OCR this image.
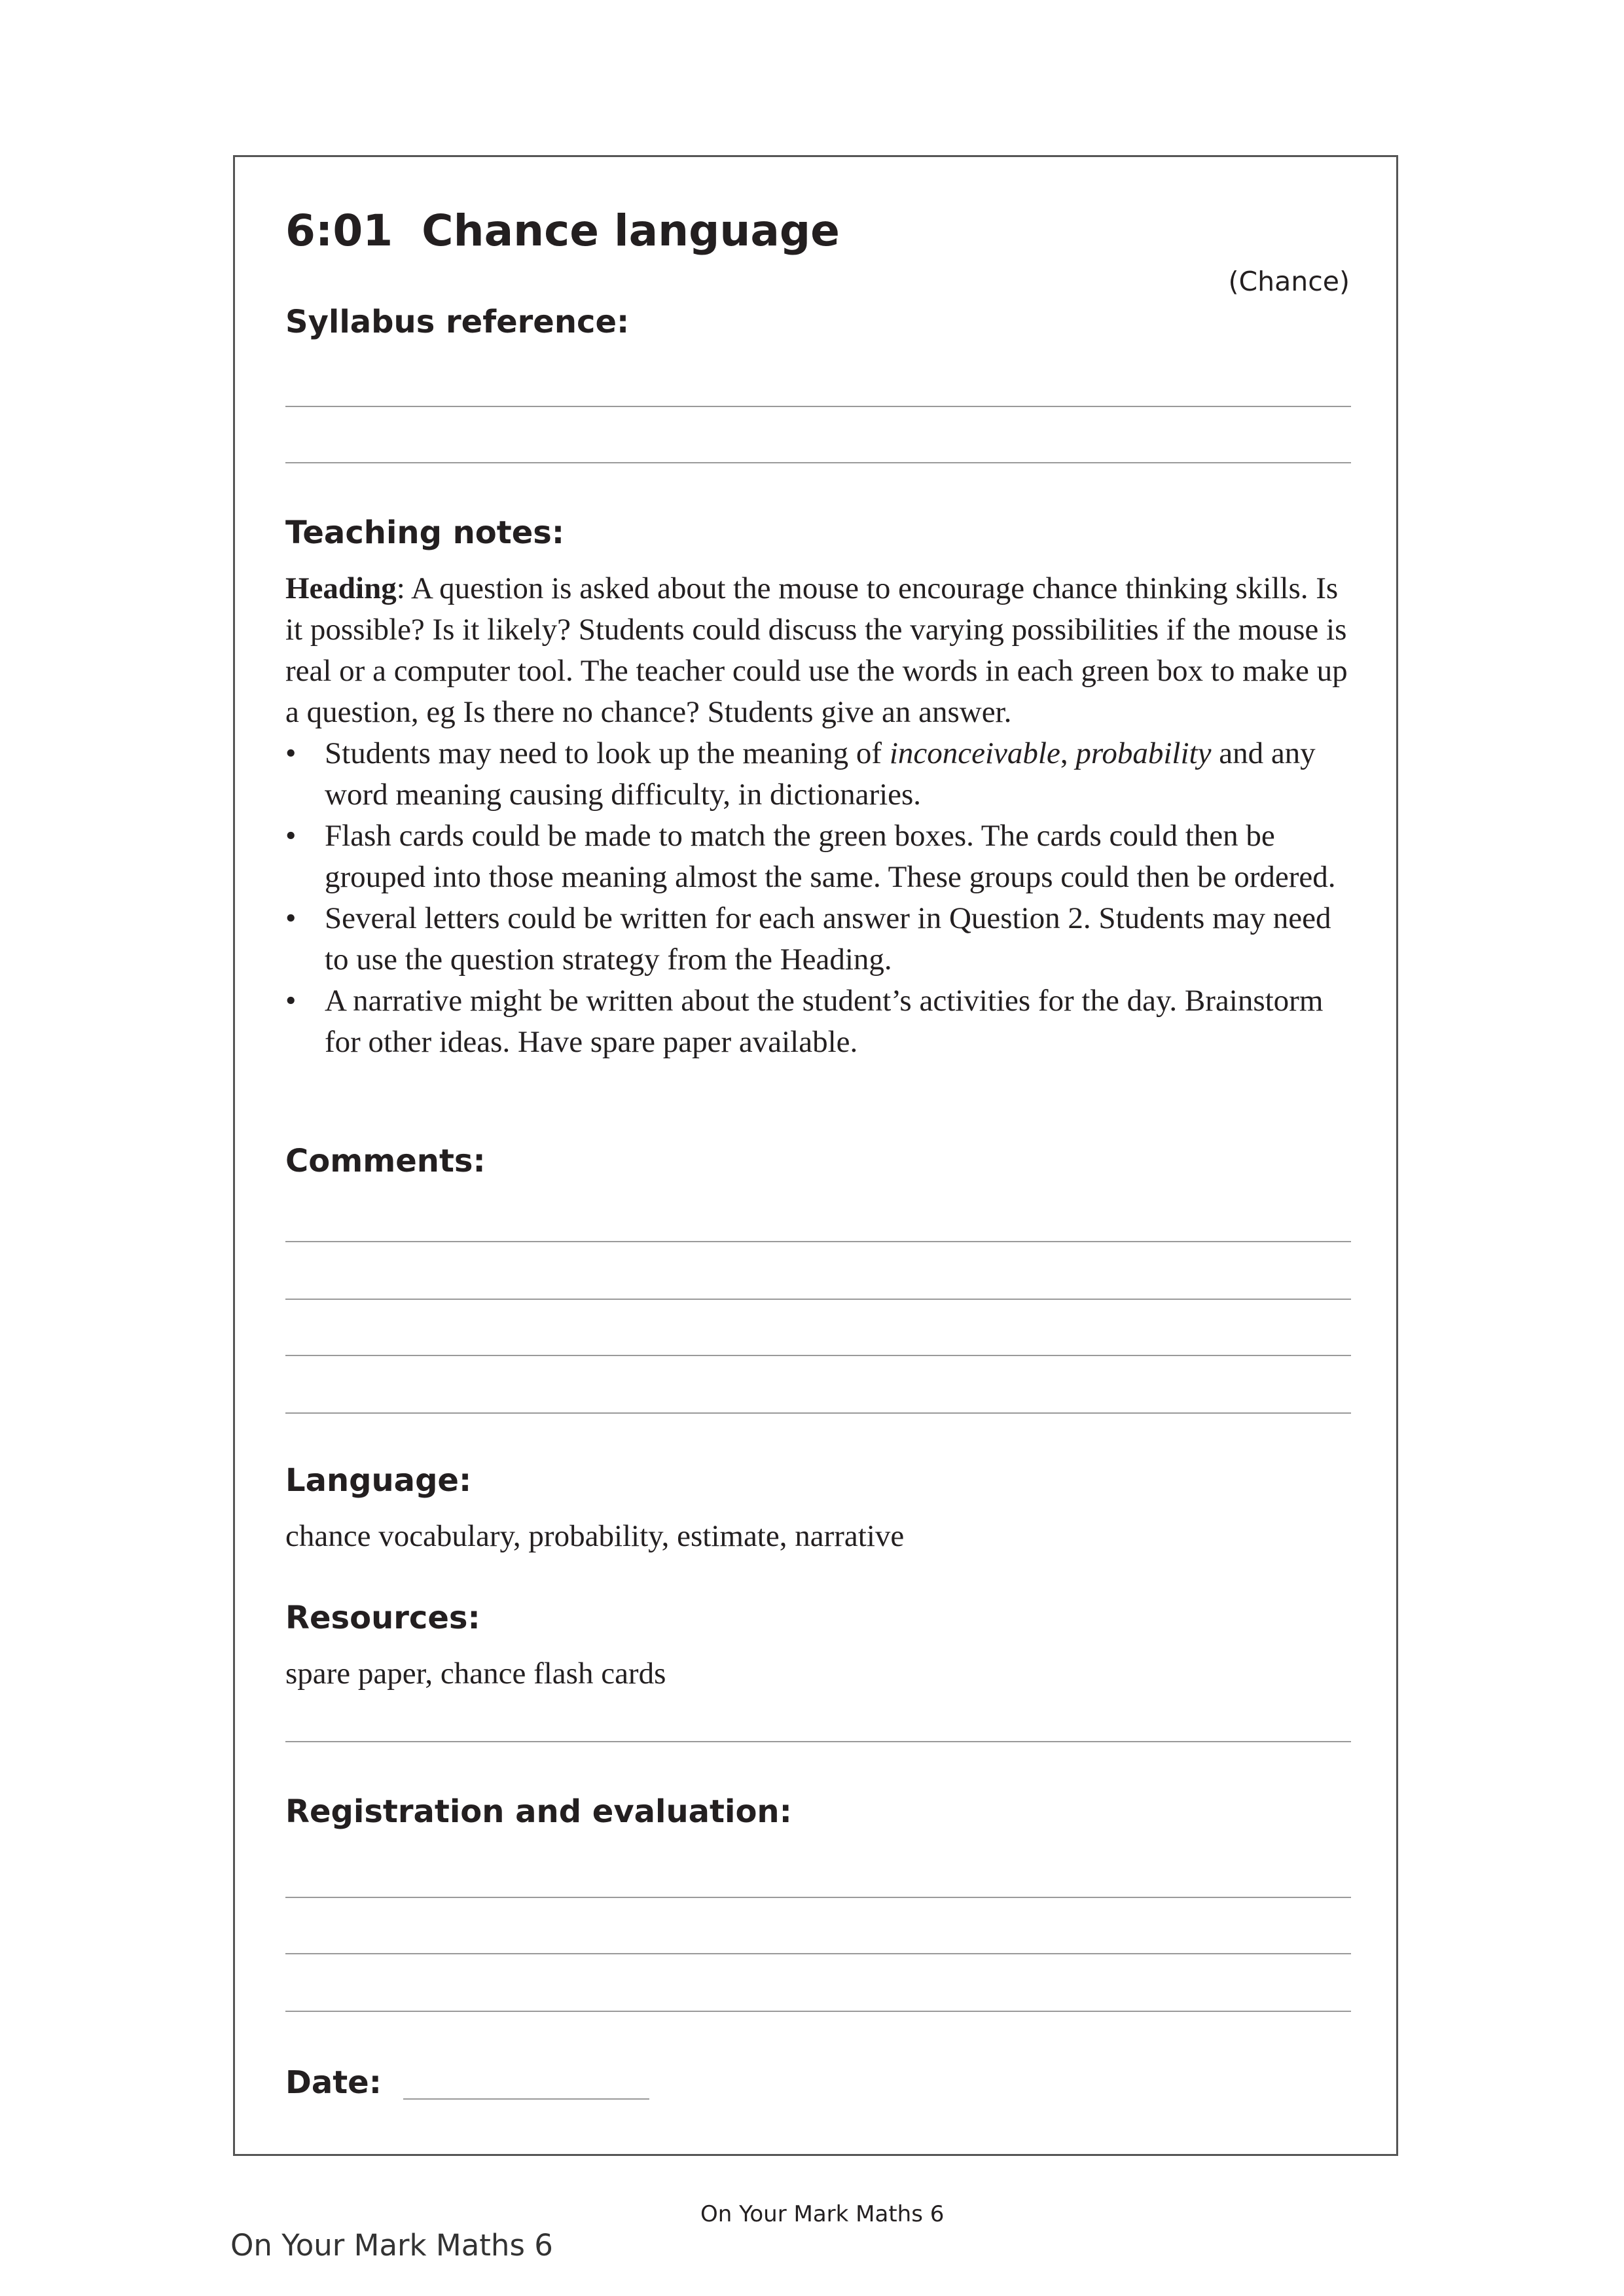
6:01 Chance language
(Chance)
Syllabus reference:
Teaching notes:

Heading: A question is asked about the mouse to encourage chance thinking skills. Is it possible? Is it likely? Students could discuss the varying possibilities if the mouse is real or a computer tool. The teacher could use the words in each green box to make up a question, eg Is there no chance? Students give an answer.

• Students may need to look up the meaning of inconceivable, probability and any word meaning causing difficulty, in dictionaries.
• Flash cards could be made to match the green boxes. The cards could then be grouped into those meaning almost the same. These groups could then be ordered.
• Several letters could be written for each answer in Question 2. Students may need to use the question strategy from the Heading.
• A narrative might be written about the student’s activities for the day. Brainstorm for other ideas. Have spare paper available.
Comments:
Language:
chance vocabulary, probability, estimate, narrative
Resources:
spare paper, chance flash cards
Registration and evaluation:
Date:
On Your Mark Maths 6
On Your Mark Maths 6
